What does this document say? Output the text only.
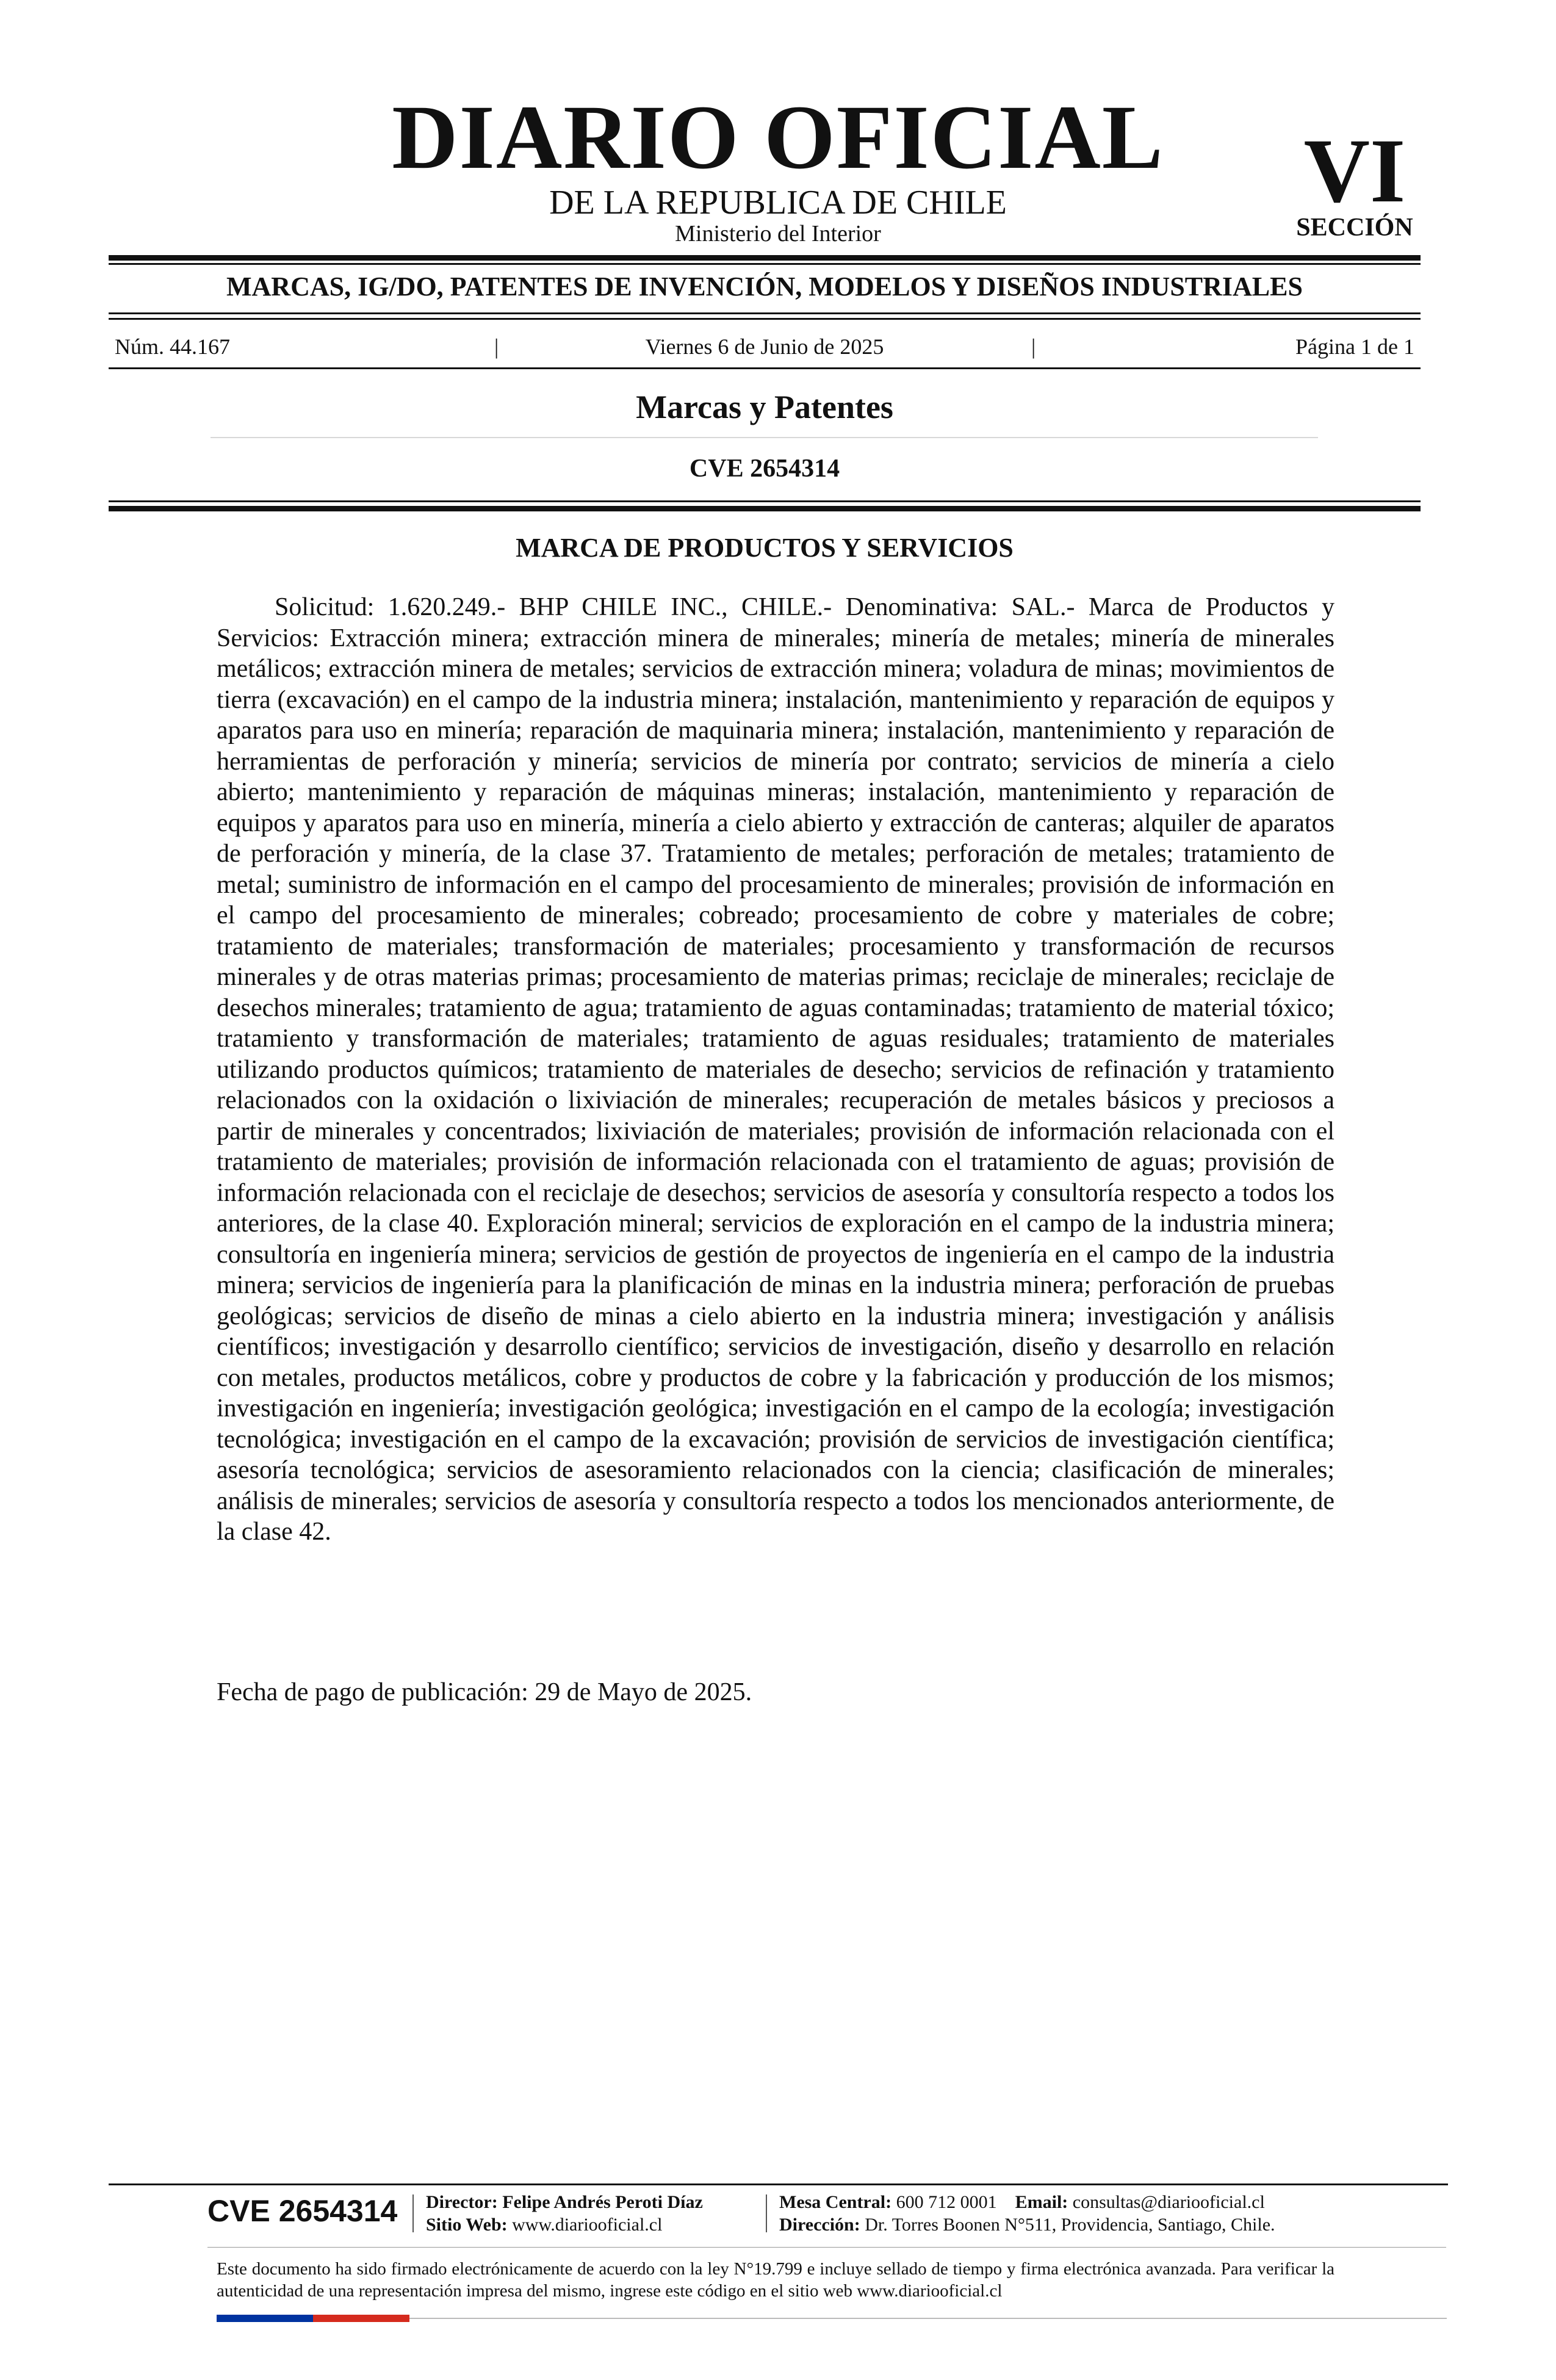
DIARIO OFICIAL
DE LA REPUBLICA DE CHILE
Ministerio del Interior
VI
SECCIÓN
MARCAS, IG/DO, PATENTES DE INVENCIÓN, MODELOS Y DISEÑOS INDUSTRIALES
Núm. 44.167	|	Viernes 6 de Junio de 2025	|	Página 1 de 1
Marcas y Patentes
CVE 2654314
MARCA DE PRODUCTOS Y SERVICIOS
Solicitud: 1.620.249.- BHP CHILE INC., CHILE.- Denominativa: SAL.- Marca de Productos y Servicios: Extracción minera; extracción minera de minerales; minería de metales; minería de minerales metálicos; extracción minera de metales; servicios de extracción minera; voladura de minas; movimientos de tierra (excavación) en el campo de la industria minera; instalación, mantenimiento y reparación de equipos y aparatos para uso en minería; reparación de maquinaria minera; instalación, mantenimiento y reparación de herramientas de perforación y minería; servicios de minería por contrato; servicios de minería a cielo abierto; mantenimiento y reparación de máquinas mineras; instalación, mantenimiento y reparación de equipos y aparatos para uso en minería, minería a cielo abierto y extracción de canteras; alquiler de aparatos de perforación y minería, de la clase 37. Tratamiento de metales; perforación de metales; tratamiento de metal; suministro de información en el campo del procesamiento de minerales; provisión de información en el campo del procesamiento de minerales; cobreado; procesamiento de cobre y materiales de cobre; tratamiento de materiales; transformación de materiales; procesamiento y transformación de recursos minerales y de otras materias primas; procesamiento de materias primas; reciclaje de minerales; reciclaje de desechos minerales; tratamiento de agua; tratamiento de aguas contaminadas; tratamiento de material tóxico; tratamiento y transformación de materiales; tratamiento de aguas residuales; tratamiento de materiales utilizando productos químicos; tratamiento de materiales de desecho; servicios de refinación y tratamiento relacionados con la oxidación o lixiviación de minerales; recuperación de metales básicos y preciosos a partir de minerales y concentrados; lixiviación de materiales; provisión de información relacionada con el tratamiento de materiales; provisión de información relacionada con el tratamiento de aguas; provisión de información relacionada con el reciclaje de desechos; servicios de asesoría y consultoría respecto a todos los anteriores, de la clase 40. Exploración mineral; servicios de exploración en el campo de la industria minera; consultoría en ingeniería minera; servicios de gestión de proyectos de ingeniería en el campo de la industria minera; servicios de ingeniería para la planificación de minas en la industria minera; perforación de pruebas geológicas; servicios de diseño de minas a cielo abierto en la industria minera; investigación y análisis científicos; investigación y desarrollo científico; servicios de investigación, diseño y desarrollo en relación con metales, productos metálicos, cobre y productos de cobre y la fabricación y producción de los mismos; investigación en ingeniería; investigación geológica; investigación en el campo de la ecología; investigación tecnológica; investigación en el campo de la excavación; provisión de servicios de investigación científica; asesoría tecnológica; servicios de asesoramiento relacionados con la ciencia; clasificación de minerales; análisis de minerales; servicios de asesoría y consultoría respecto a todos los mencionados anteriormente, de la clase 42.
Fecha de pago de publicación: 29 de Mayo de 2025.
CVE 2654314 Director: Felipe Andrés Peroti Díaz
Sitio Web: www.diariooficial.cl
Mesa Central: 600 712 0001 Email: consultas@diariooficial.cl
Dirección: Dr. Torres Boonen N°511, Providencia, Santiago, Chile.
Este documento ha sido firmado electrónicamente de acuerdo con la ley N°19.799 e incluye sellado de tiempo y firma electrónica avanzada. Para verificar la autenticidad de una representación impresa del mismo, ingrese este código en el sitio web www.diariooficial.cl
